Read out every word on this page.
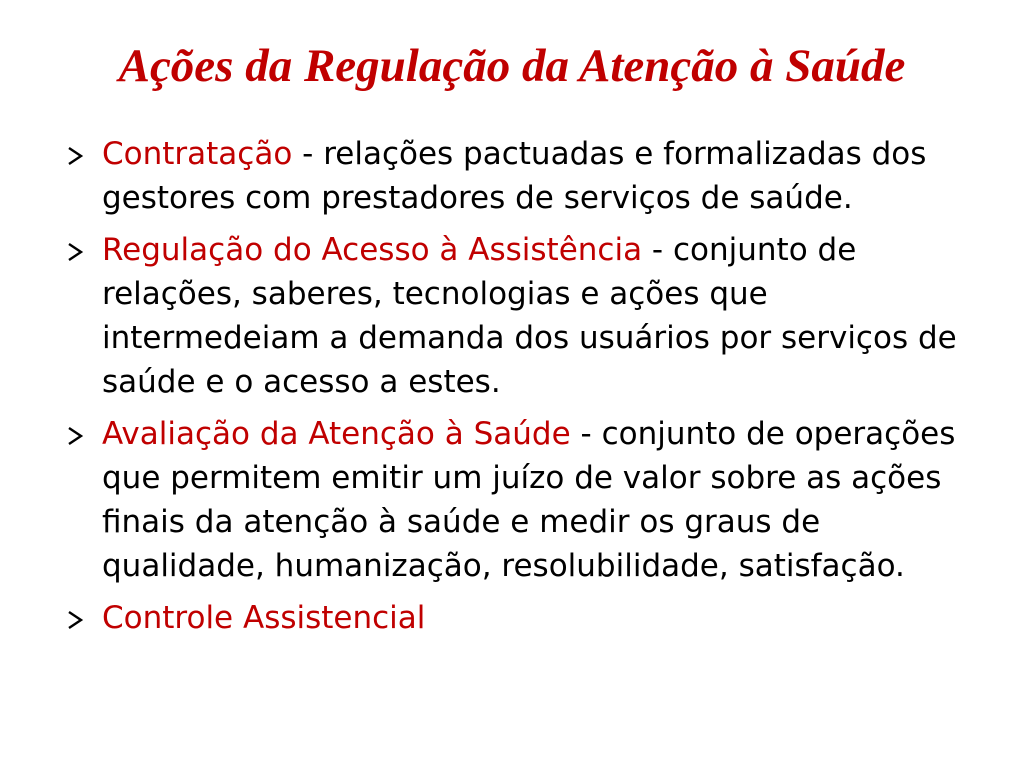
Ações da Regulação da Atenção à Saúde
Contratação - relações pactuadas e formalizadas dos gestores com prestadores de serviços de saúde.
Regulação do Acesso à Assistência - conjunto de relações, saberes, tecnologias e ações que intermedeiam a demanda dos usuários por serviços de saúde e o acesso a estes.
Avaliação da Atenção à Saúde - conjunto de operações que permitem emitir um juízo de valor sobre as ações finais da atenção à saúde e medir os graus de qualidade, humanização, resolubilidade, satisfação.
Controle Assistencial
